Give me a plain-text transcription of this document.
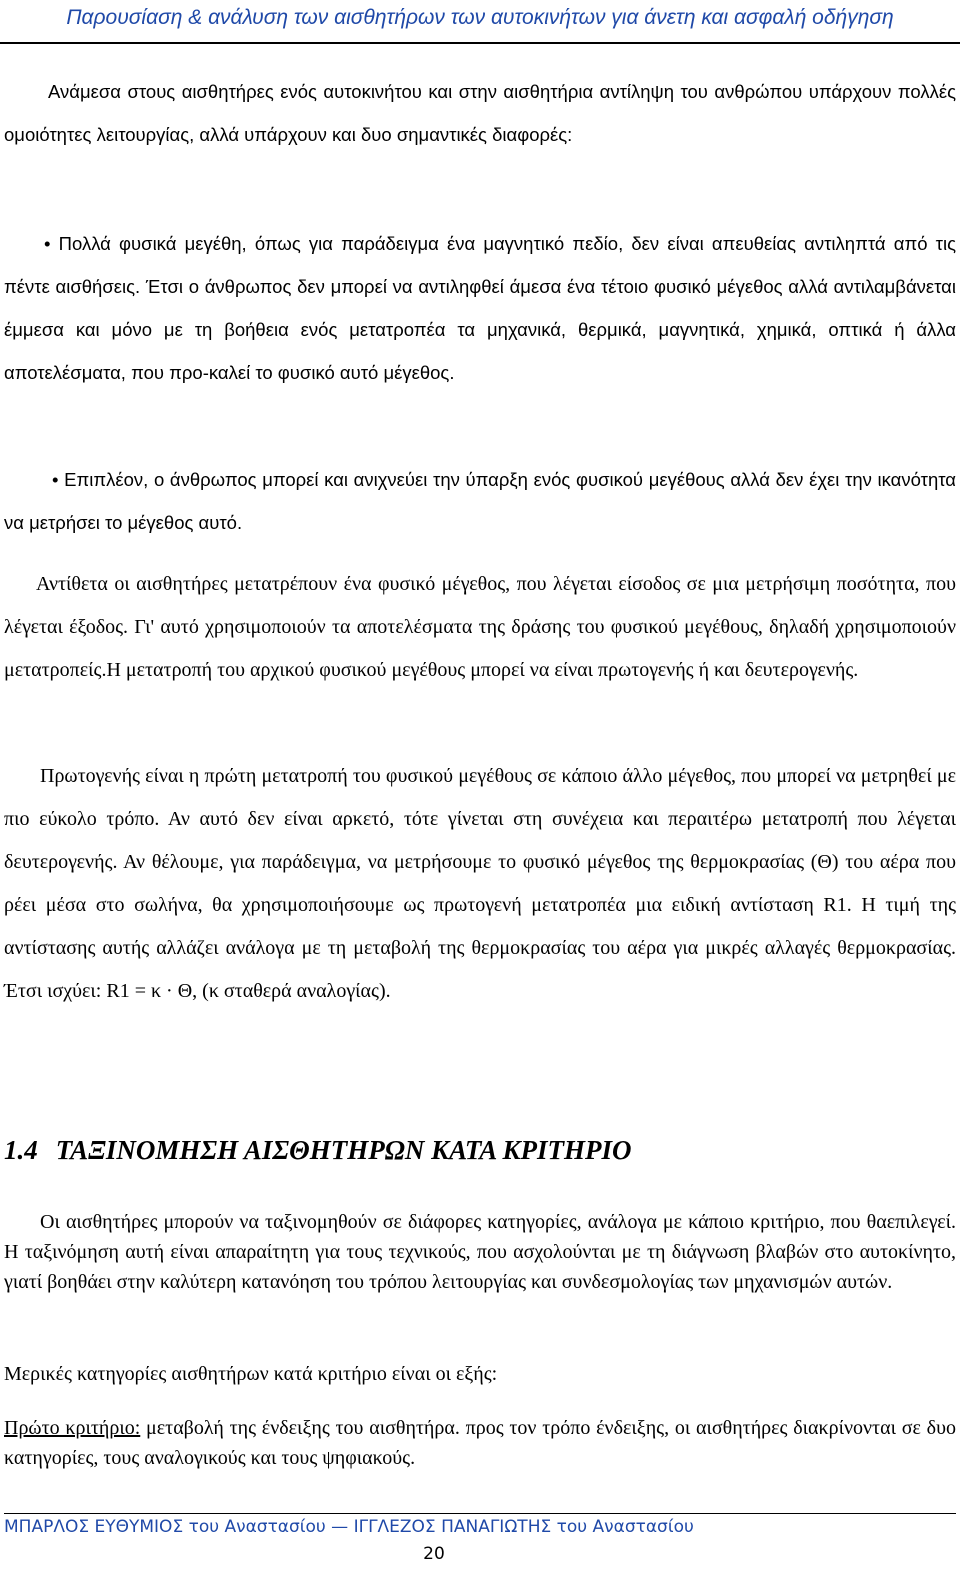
Παρουσίαση & ανάλυση των αισθητήρων των αυτοκινήτων για άνετη και ασφαλή οδήγηση

Ανάμεσα στους αισθητήρες ενός αυτοκινήτου και στην αισθητήρια αντίληψη του ανθρώπου υπάρχουν πολλές ομοιότητες λειτουργίας, αλλά υπάρχουν και δυο σημαντικές διαφορές:

• Πολλά φυσικά μεγέθη, όπως για παράδειγμα ένα μαγνητικό πεδίο, δεν είναι απευθείας αντιληπτά από τις πέντε αισθήσεις. Έτσι ο άνθρωπος δεν μπορεί να αντιληφθεί άμεσα ένα τέτοιο φυσικό μέγεθος αλλά αντιλαμβάνεται έμμεσα και μόνο με τη βοήθεια ενός μετατροπέα τα μηχανικά, θερμικά, μαγνητικά, χημικά, οπτικά ή άλλα αποτελέσματα, που προ-καλεί το φυσικό αυτό μέγεθος.

• Επιπλέον, ο άνθρωπος μπορεί και ανιχνεύει την ύπαρξη ενός φυσικού μεγέθους αλλά δεν έχει την ικανότητα να μετρήσει το μέγεθος αυτό.

Αντίθετα οι αισθητήρες μετατρέπουν ένα φυσικό μέγεθος, που λέγεται είσοδος σε μια μετρήσιμη ποσότητα, που λέγεται έξοδος. Γι' αυτό χρησιμοποιούν τα αποτελέσματα της δράσης του φυσικού μεγέθους, δηλαδή χρησιμοποιούν μετατροπείς.Η μετατροπή του αρχικού φυσικού μεγέθους μπορεί να είναι πρωτογενής ή και δευτερογενής.

Πρωτογενής είναι η πρώτη μετατροπή του φυσικού μεγέθους σε κάποιο άλλο μέγεθος, που μπορεί να μετρηθεί με πιο εύκολο τρόπο. Αν αυτό δεν είναι αρκετό, τότε γίνεται στη συνέχεια και περαιτέρω μετατροπή που λέγεται δευτερογενής. Αν θέλουμε, για παράδειγμα, να μετρήσουμε το φυσικό μέγεθος της θερμοκρασίας (Θ) του αέρα που ρέει μέσα στο σωλήνα, θα χρησιμοποιήσουμε ως πρωτογενή μετατροπέα μια ειδική αντίσταση R1. Η τιμή της αντίστασης αυτής αλλάζει ανάλογα με τη μεταβολή της θερμοκρασίας του αέρα για μικρές αλλαγές θερμοκρασίας. Έτσι ισχύει: R1 = κ · Θ, (κ σταθερά αναλογίας).

1.4 ΤΑΞΙΝΟΜΗΣΗ ΑΙΣΘΗΤΗΡΩΝ ΚΑΤΑ ΚΡΙΤΗΡΙΟ

Οι αισθητήρες μπορούν να ταξινομηθούν σε διάφορες κατηγορίες, ανάλογα με κάποιο κριτήριο, που θαεπιλεγεί. Η ταξινόμηση αυτή είναι απαραίτητη για τους τεχνικούς, που ασχολούνται με τη διάγνωση βλαβών στο αυτοκίνητο, γιατί βοηθάει στην καλύτερη κατανόηση του τρόπου λειτουργίας και συνδεσμολογίας των μηχανισμών αυτών.

Μερικές κατηγορίες αισθητήρων κατά κριτήριο είναι οι εξής:

Πρώτο κριτήριο: μεταβολή της ένδειξης του αισθητήρα. προς τον τρόπο ένδειξης, οι αισθητήρες διακρίνονται σε δυο κατηγορίες, τους αναλογικούς και τους ψηφιακούς.

ΜΠΑΡΛΟΣ ΕΥΘΥΜΙΟΣ του Αναστασίου — ΙΓΓΛΕΖΟΣ ΠΑΝΑΓΙΩΤΗΣ του Αναστασίου
20
